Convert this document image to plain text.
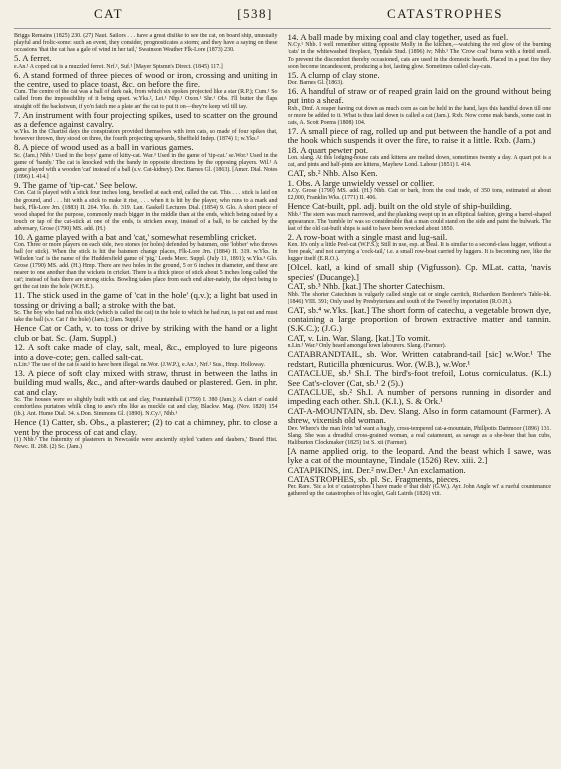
CAT	[538]	CATASTROPHES

Briggs Remains (1825) 230. (27) Naut. Sailors . . . have a great dislike to see the cat, on board ship, unusually playful and frolic-some: such an event, they consider, prognosticates a storm; and they have a saying on these occasions 'that the cat has a gale of wind in her tail,' Swainson Weather Flk-Lore (1873) 230.

5. A ferret.

e.An.¹ A coped cat is a muzzled ferret. Nrf.¹, Suf.¹ [Mayer Sptsmn's Direct. (1845) 117.]

6. A stand formed of three pieces of wood or iron, crossing and uniting in the centre, used to place toast, &c. on before the fire.

Cum. The centre of the cat was a ball of dark oak, from which six spokes projected like a star (R.P.); Cum.¹ So called from the impossibility of it being upset. w.Yks.², Lei.¹ Nhp.¹ Oxon.¹ Shr.¹ Obs. I'll butter the flaps straight off the backstwun, if yo'n fatch me a plate an' the cat to put it on—they're keep wil till tay.

7. An instrument with four projecting spikes, used to scatter on the ground as a defence against cavalry.

w.Yks. In the Chartist days the conspirators provided themselves with iron cats, so made of four spikes that, however thrown, they stood on three, the fourth projecting upwards, Sheffield Indep. (1874) 1; w.Yks.²

8. A piece of wood used as a ball in various games.

Sc. (Jam.) Nhb.¹ Used in the boys' game of kitty-cat. War.³ Used in the game of 'tip-cat.' se.Wor.¹ Used in the game of 'bandy.' The cat is knocked with the bandy in opposite directions by the opposing players. Wil.¹ A game played with a wooden 'cat' instead of a ball (s.v. Cat-kidney). Dor. Barnes Gl. (1863). [Amer. Dial. Notes (1896) I. 414.]

9. The game of 'tip-cat.' See below.

Con. Cat is played with a stick four inches long, bevelled at each end, called the cat. This . . . stick is laid on the ground, and . . . hit with a stick to make it rise, . . . when it is hit by the player, who runs to a mark and back, Flk-Lore Jrn. (1883) II. 264. Yks. ib. 319. Lan. Gaskell Lectures Dial. (1854) 9. Glo. A short piece of wood shaped for the purpose, commonly much bigger in the middle than at the ends, which being raised by a touch or tap of the cat-stick at one of the ends, is stricken away, instead of a ball, to be catched by the adversary, Grose (1790) MS. add. (H.)

10. A game played with a bat and 'cat,' somewhat resembling cricket.

Con. Three or more players on each side, two stones (or holes) defended by batsmen, one 'lobber' who throws ball (or stick). When the stick is hit the batsmen change places, Flk-Lore Jrn. (1884) II. 319. w.Yks. In Wilsden 'cat' is the name of the Huddersfield game of 'pig,' Leeds Merc. Suppl. (July 11, 1891); w.Yks.³ Glo. Grose (1790) MS. add. (H.) Hmp. There are two holes in the ground, 5 or 6 inches in diameter, and these are nearer to one another than the wickets in cricket. There is a thick piece of stick about 5 inches long called 'the cat'; instead of bats there are strong sticks. Bowling takes place from each end alter-nately, the object being to get the cat into the hole (W.H.E.).

11. The stick used in the game of 'cat in the hole' (q.v.); a light bat used in tossing or driving a ball; a stroke with the bat.

Sc. The boy who had not his stick (which is called the cat) in the hole to which he had run, is put out and must take the ball (s.v. Cat i' the hole) (Jam.); (Jam. Suppl.)

Hence Cat or Cath, v. to toss or drive by striking with the hand or a light club or bat. Sc. (Jam. Suppl.)

12. A soft cake made of clay, salt, meal, &c., employed to lure pigeons into a dove-cote; gen. called salt-cat.

n.Lin.¹ The use of the cat is said to have been illegal. ne.Wor. (J.W.P.), e.An.¹, Nrf.¹ Sus., Hmp. Holloway.

13. A piece of soft clay mixed with straw, thrust in between the laths in building mud walls, &c., and after-wards daubed or plastered. Gen. in phr. cat and clay.

Sc. The houses were so slightly built with cat and clay, Fountainhall (1759) I. 380 (Jam.); A clatrt o' cauld comfortless purtatoes whilk cling to ane's ribs like as muckle cat and clay, Blackw. Mag. (Nov. 1820) 154 (ib.). Ant. Hume Dial. 34. s.Don. Simmons Gl. (1890). N.Cy.¹, Nhb.¹

Hence (1) Catter, sb. Obs., a plasterer; (2) to cat a chimney, phr. to close a vent by the process of cat and clay.

(1) Nhb.¹ The fraternity of plasterers in Newcastle were anciently styled 'catters and daubers,' Brand Hist. Newc. II. 268. (2) Sc. (Jam.)

14. A ball made by mixing coal and clay together, used as fuel.

N.Cy.¹ Nhb. I well remember sitting opposite Molly in the kitchen,—watching the red glow of the burning 'cats' in the whitewashed fireplace, Tyndale Stud. (1896) iv; Nhb.¹ The 'Crow coal' burns with a fœtid smell. To prevent the discomfort thereby occasioned, cats are used in the domestic hearth. Placed in a peat fire they soon become incandescent, producing a hot, lasting glow. Sometimes called clay-cats.

15. A clump of clay stone.

Dor. Barnes Gl. (1863).

16. A handful of straw or of reaped grain laid on the ground without being put into a sheaf.

Rxb., Dmf. A reaper having cut down as much corn as can be held in the hand, lays this handful down till one or more be added to it. What is thus laid down is called a cat (Jam.). Rxb. Now come mak bands, some cast in cats, A. Scott Poems (1808) 104.

17. A small piece of rag, rolled up and put between the handle of a pot and the hook which suspends it over the fire, to raise it a little. Rxb. (Jam.)

18. A quart pewter pot.

Lon. slang. At this lodging-house cats and kittens are melted down, sometimes twenty a day. A quart pot is a cat, and pints and half-pints are kittens, Mayhew Lond. Labour (1851) I. 414.

CAT, sb.² Nhb. Also Ken.

1. Obs. A large unwieldy vessel or collier.

n.Cy. Grose (1790) MS. add. (H.) Nhb. Catt or bark, from the coal trade, of 350 tons, estimated at about £2,000, Franklin Wks. (1771) II. 406.

Hence Cat-built, ppl. adj. built on the old style of ship-building.

Nhb.¹ The stern was much narrowed, and the planking swept up in an elliptical fashion, giving a barrel-shaped appearance. The 'tumble in' was so considerable that a man could stand on the side and paint the bulwark. The last of the old cat-built ships is said to have been wrecked about 1850.

2. A row-boat with a single mast and lug-sail.

Ken. It's only a little Peel-cat (W.F.S.); Still in use, esp. at Deal. It is similar to a second-class lugger, without a 'fore peak,' and not carrying a 'cock-tail,' i.e. a small row-boat carried by luggers. It is becoming rare, like the lugger itself (E.R.O.).

[OIcel. katl, a kind of small ship (Vigfusson). Cp. MLat. catta, 'navis species' (Ducange).]

CAT, sb.³ Nhb. [kat.] The shorter Catechism.

Nhb. The shorter Catechism is vulgarly called single cat or single carritch, Richardson Borderer's Table-bk. (1846) VIII. 391; Only used by Presbyterians and south of the Tweed by importation (R.O.H.).

CAT, sb.⁴ w.Yks. [kat.] The short form of catechu, a vegetable brown dye, containing a large proportion of brown extractive matter and tannin. (S.K.C.); (J.G.)

CAT, v. Lin. War. Slang. [kat.] To vomit.

n.Lin.¹ War.³ Only heard amongst town labourers. Slang. (Farmer).

CATABRANDTAIL, sb. Wor. Written catabrand-tail [sic] w.Wor.¹ The redstart, Ruticilla phœnicurus. Wor. (W.B.), w.Wor.¹

CATACLUE, sb.¹ Sh.I. The bird's-foot trefoil, Lotus corniculatus. (K.I.) See Cat's-clover (Cat, sb.¹ 2 (5).)

CATACLUE, sb.² Sh.I. A number of persons running in disorder and impeding each other. Sh.I. (K.I.), S. & Ork.¹

CAT-A-MOUNTAIN, sb. Dev. Slang. Also in form catamount (Farmer). A shrew, vixenish old woman.

Dev. Where's the man livin 'ud want a hugly, cross-tempered cat-a-mountain, Phillpotts Dartmoor (1896) 131. Slang. She was a dreadful cross-grained woman, a real catamount, as savage as a she-bear that has cubs, Haliburton Clockmaker (1825) 1st S. xii (Farmer).

[A name applied orig. to the leopard. And the beast which I sawe, was lyke a cat of the mountayne, Tindale (1526) Rev. xiii. 2.]

CATAPIKINS, int. Der.² nw.Der.¹ An exclamation.

CATASTROPHES, sb. pl. Sc. Fragments, pieces.

Per. Rare. 'Sic a lot o' catastrophes I have made o' that dish' (G.W.). Ayr. John Angle wi' a rueful countenance gathered up the catastrophes of his oglet, Galt Lairds (1826) viii.
